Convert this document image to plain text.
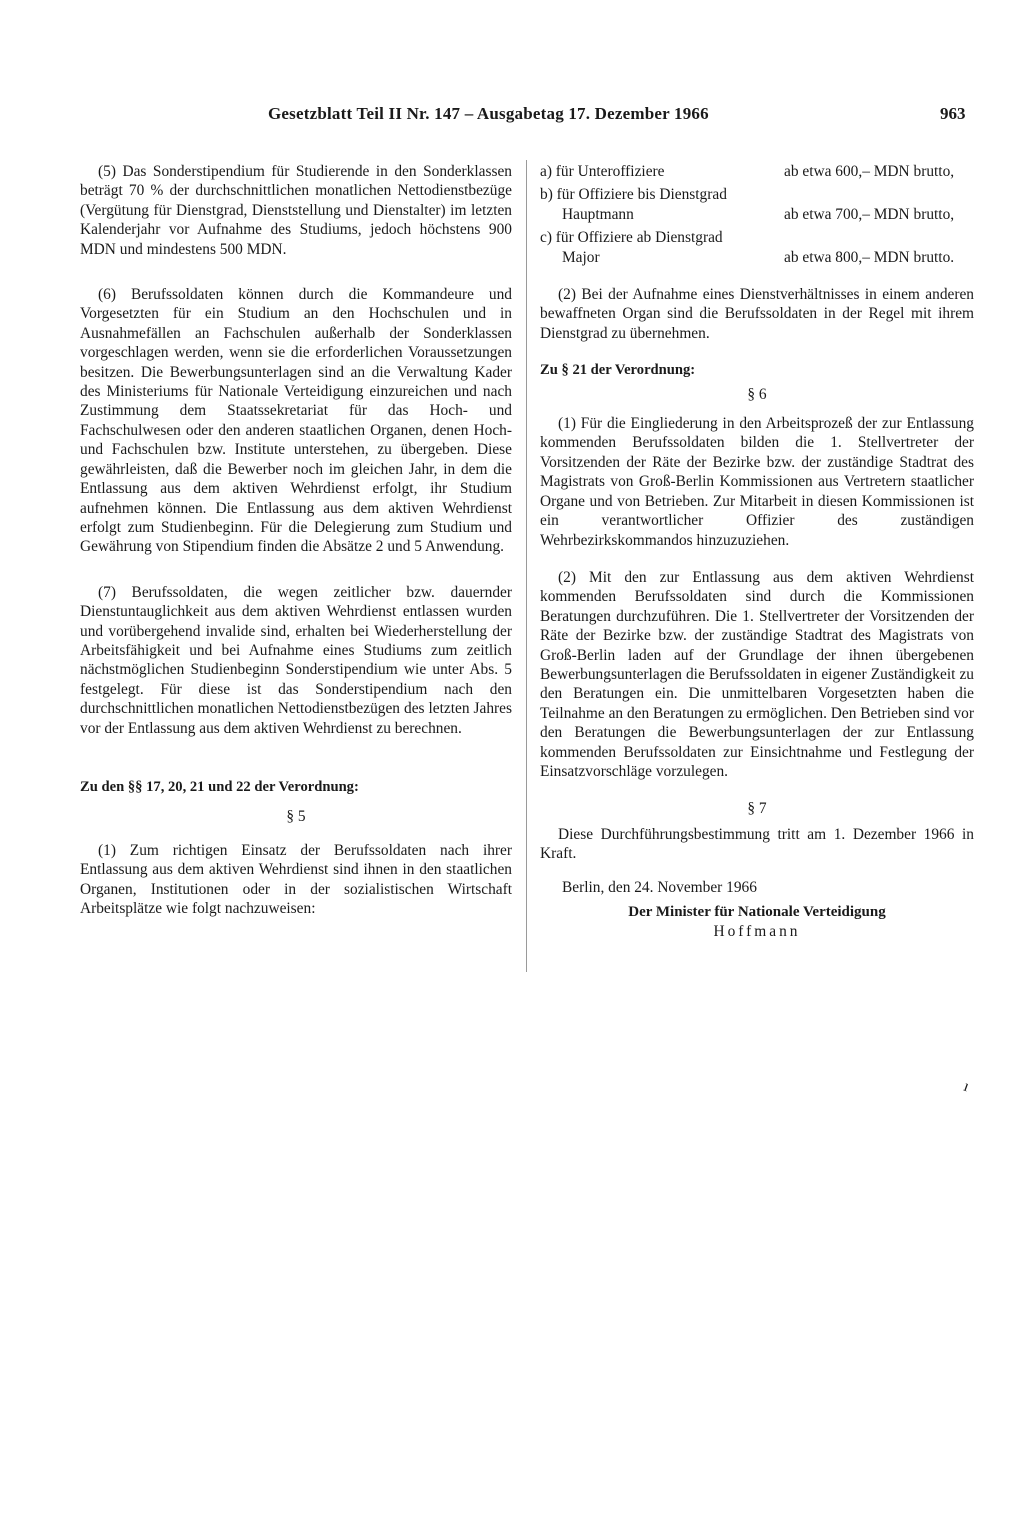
Gesetzblatt Teil II Nr. 147 – Ausgabetag 17. Dezember 1966	963

(5) Das Sonderstipendium für Studierende in den Sonderklassen beträgt 70 % der durchschnittlichen monatlichen Nettodienstbezüge (Vergütung für Dienstgrad, Dienststellung und Dienstalter) im letzten Kalenderjahr vor Aufnahme des Studiums, jedoch höchstens 900 MDN und mindestens 500 MDN.

(6) Berufssoldaten können durch die Kommandeure und Vorgesetzten für ein Studium an den Hochschulen und in Ausnahmefällen an Fachschulen außerhalb der Sonderklassen vorgeschlagen werden, wenn sie die erforderlichen Voraussetzungen besitzen. Die Bewerbungsunterlagen sind an die Verwaltung Kader des Ministeriums für Nationale Verteidigung einzureichen und nach Zustimmung dem Staatssekretariat für das Hoch- und Fachschulwesen oder den anderen staatlichen Organen, denen Hoch- und Fachschulen bzw. Institute unterstehen, zu übergeben. Diese gewährleisten, daß die Bewerber noch im gleichen Jahr, in dem die Entlassung aus dem aktiven Wehrdienst erfolgt, ihr Studium aufnehmen können. Die Entlassung aus dem aktiven Wehrdienst erfolgt zum Studienbeginn. Für die Delegierung zum Studium und Gewährung von Stipendium finden die Absätze 2 und 5 Anwendung.

(7) Berufssoldaten, die wegen zeitlicher bzw. dauernder Dienstuntauglichkeit aus dem aktiven Wehrdienst entlassen wurden und vorübergehend invalide sind, erhalten bei Wiederherstellung der Arbeitsfähigkeit und bei Aufnahme eines Studiums zum zeitlich nächstmöglichen Studienbeginn Sonderstipendium wie unter Abs. 5 festgelegt. Für diese ist das Sonderstipendium nach den durchschnittlichen monatlichen Nettodienstbezügen des letzten Jahres vor der Entlassung aus dem aktiven Wehrdienst zu berechnen.

Zu den §§ 17, 20, 21 und 22 der Verordnung:

§ 5

(1) Zum richtigen Einsatz der Berufssoldaten nach ihrer Entlassung aus dem aktiven Wehrdienst sind ihnen in den staatlichen Organen, Institutionen oder in der sozialistischen Wirtschaft Arbeitsplätze wie folgt nachzuweisen:

a) für Unteroffiziere	ab etwa 600,– MDN brutto,

b) für Offiziere bis Dienstgrad	
Hauptmann	ab etwa 700,– MDN brutto,

c) für Offiziere ab Dienstgrad	
Major	ab etwa 800,– MDN brutto.

(2) Bei der Aufnahme eines Dienstverhältnisses in einem anderen bewaffneten Organ sind die Berufssoldaten in der Regel mit ihrem Dienstgrad zu übernehmen.

Zu § 21 der Verordnung:

§ 6

(1) Für die Eingliederung in den Arbeitsprozeß der zur Entlassung kommenden Berufssoldaten bilden die 1. Stellvertreter der Vorsitzenden der Räte der Bezirke bzw. der zuständige Stadtrat des Magistrats von Groß-Berlin Kommissionen aus Vertretern staatlicher Organe und von Betrieben. Zur Mitarbeit in diesen Kommissionen ist ein verantwortlicher Offizier des zuständigen Wehrbezirkskommandos hinzuzuziehen.

(2) Mit den zur Entlassung aus dem aktiven Wehrdienst kommenden Berufssoldaten sind durch die Kommissionen Beratungen durchzuführen. Die 1. Stellvertreter der Vorsitzenden der Räte der Bezirke bzw. der zuständige Stadtrat des Magistrats von Groß-Berlin laden auf der Grundlage der ihnen übergebenen Bewerbungsunterlagen die Berufssoldaten in eigener Zuständigkeit zu den Beratungen ein. Die unmittelbaren Vorgesetzten haben die Teilnahme an den Beratungen zu ermöglichen. Den Betrieben sind vor den Beratungen die Bewerbungsunterlagen der zur Entlassung kommenden Berufssoldaten zur Einsichtnahme und Festlegung der Einsatzvorschläge vorzulegen.

§ 7

Diese Durchführungsbestimmung tritt am 1. Dezember 1966 in Kraft.

Berlin, den 24. November 1966

Der Minister für Nationale Verteidigung
Hoffmann
ı
